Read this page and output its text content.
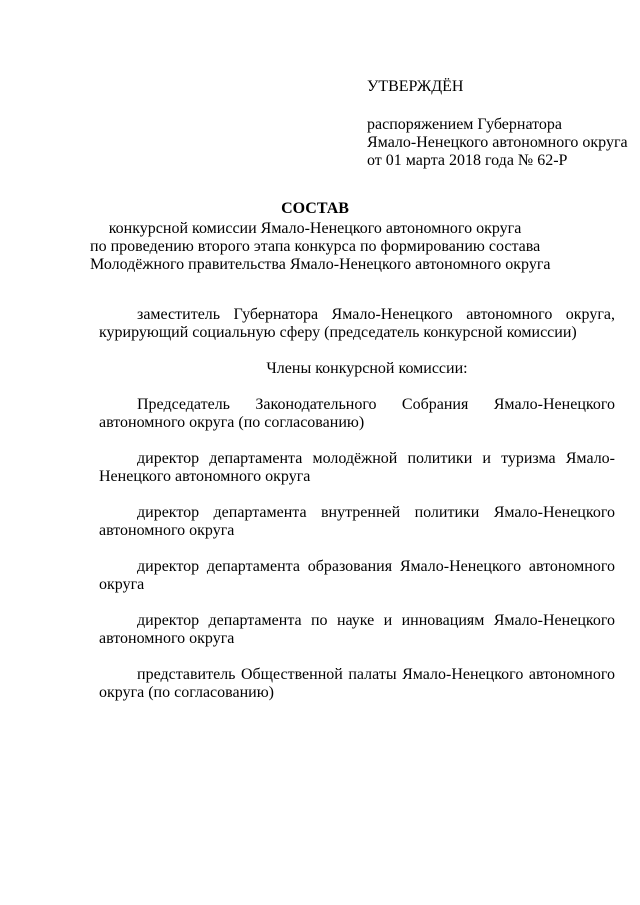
УТВЕРЖДЁН
распоряжением Губернатора
Ямало-Ненецкого автономного округа
от 01 марта 2018 года № 62-Р
СОСТАВ
конкурсной комиссии Ямало-Ненецкого автономного округа
по проведению второго этапа конкурса по формированию состава
Молодёжного правительства Ямало-Ненецкого автономного округа

заместитель Губернатора Ямало-Ненецкого автономного округа, курирующий социальную сферу (председатель конкурсной комиссии)

Члены конкурсной комиссии:

Председатель Законодательного Собрания Ямало-Ненецкого автономного округа (по согласованию)

директор департамента молодёжной политики и туризма Ямало-Ненецкого автономного округа

директор департамента внутренней политики Ямало-Ненецкого автономного округа

директор департамента образования Ямало-Ненецкого автономного округа

директор департамента по науке и инновациям Ямало-Ненецкого автономного округа

представитель Общественной палаты Ямало-Ненецкого автономного округа (по согласованию)
